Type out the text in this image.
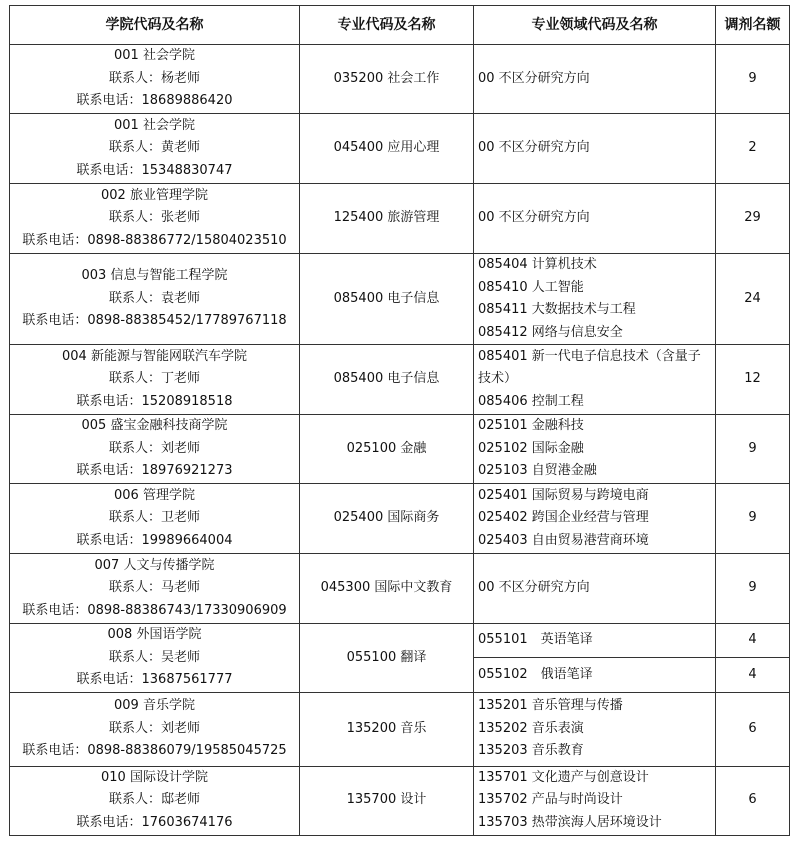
学院代码及名称	专业代码及名称	专业领域代码及名称	调剂名额

001 社会学院
联系人：杨老师
联系电话：18689886420	035200 社会工作	00 不区分研究方向	9

001 社会学院
联系人：黄老师
联系电话：15348830747	045400 应用心理	00 不区分研究方向	2

002 旅业管理学院
联系人：张老师
联系电话：0898-88386772/15804023510	125400 旅游管理	00 不区分研究方向	29

003 信息与智能工程学院
联系人：袁老师
联系电话：0898-88385452/17789767118	085400 电子信息	085404 计算机技术
085410 人工智能
085411 大数据技术与工程
085412 网络与信息安全	24

004 新能源与智能网联汽车学院
联系人：丁老师
联系电话：15208918518	085400 电子信息	085401 新一代电子信息技术（含量子技术）
085406 控制工程	12

005 盛宝金融科技商学院
联系人：刘老师
联系电话：18976921273	025100 金融	025101 金融科技
025102 国际金融
025103 自贸港金融	9

006 管理学院
联系人：卫老师
联系电话：19989664004	025400 国际商务	025401 国际贸易与跨境电商
025402 跨国企业经营与管理
025403 自由贸易港营商环境	9

007 人文与传播学院
联系人：马老师
联系电话：0898-88386743/17330906909	045300 国际中文教育	00 不区分研究方向	9

008 外国语学院
联系人：吴老师
联系电话：13687561777	055100 翻译	055101　英语笔译	4
		055102　俄语笔译	4

009 音乐学院
联系人：刘老师
联系电话：0898-88386079/19585045725	135200 音乐	135201 音乐管理与传播
135202 音乐表演
135203 音乐教育	6

010 国际设计学院
联系人：邸老师
联系电话：17603674176	135700 设计	135701 文化遗产与创意设计
135702 产品与时尚设计
135703 热带滨海人居环境设计	6
